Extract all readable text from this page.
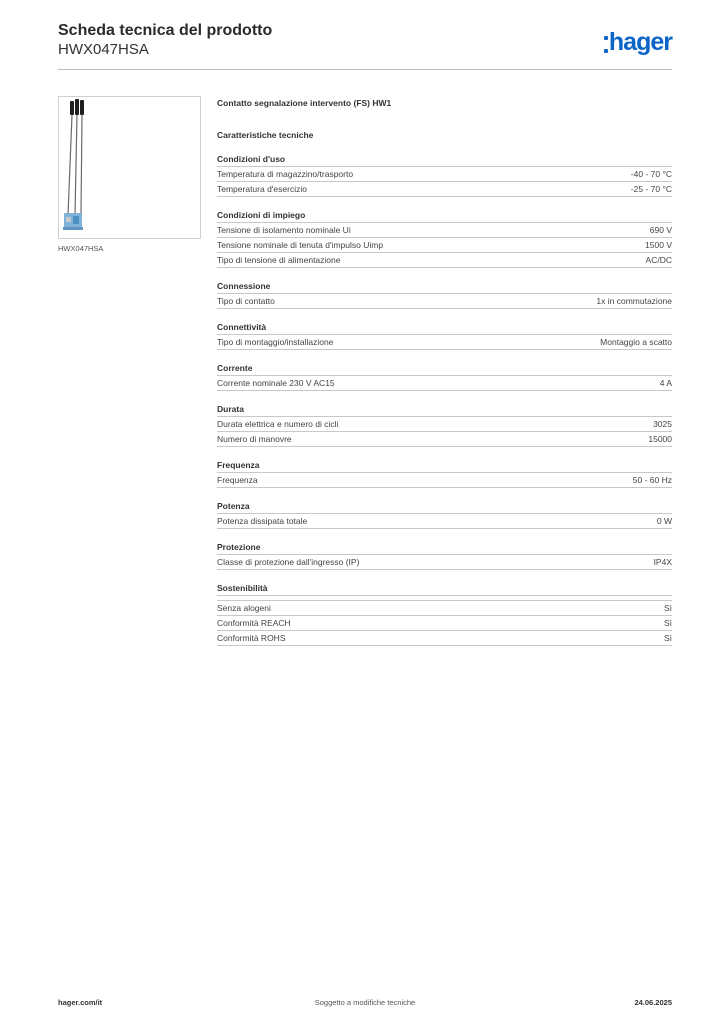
Scheda tecnica del prodotto
HWX047HSA	hager
HWX047HSA
Contatto segnalazione intervento (FS) HW1
Caratteristiche tecniche
Condizioni d'uso
Temperatura di magazzino/trasporto	-40 - 70 °C
Temperatura d'esercizio	-25 - 70 °C
Condizioni di impiego
Tensione di isolamento nominale Ui	690 V
Tensione nominale di tenuta d'impulso Uimp	1500 V
Tipo di tensione di alimentazione	AC/DC
Connessione
Tipo di contatto	1x in commutazione
Connettività
Tipo di montaggio/installazione	Montaggio a scatto
Corrente
Corrente nominale 230 V AC15	4 A
Durata
Durata elettrica e numero di cicli	3025
Numero di manovre	15000
Frequenza
Frequenza	50 - 60 Hz
Potenza
Potenza dissipata totale	0 W
Protezione
Classe di protezione dall'ingresso (IP)	IP4X
Sostenibilità
Senza alogeni	Sì
Conformità REACH	Sì
Conformità ROHS	Sì
Soggetto a modifiche tecniche
hager.com/it	24.06.2025
